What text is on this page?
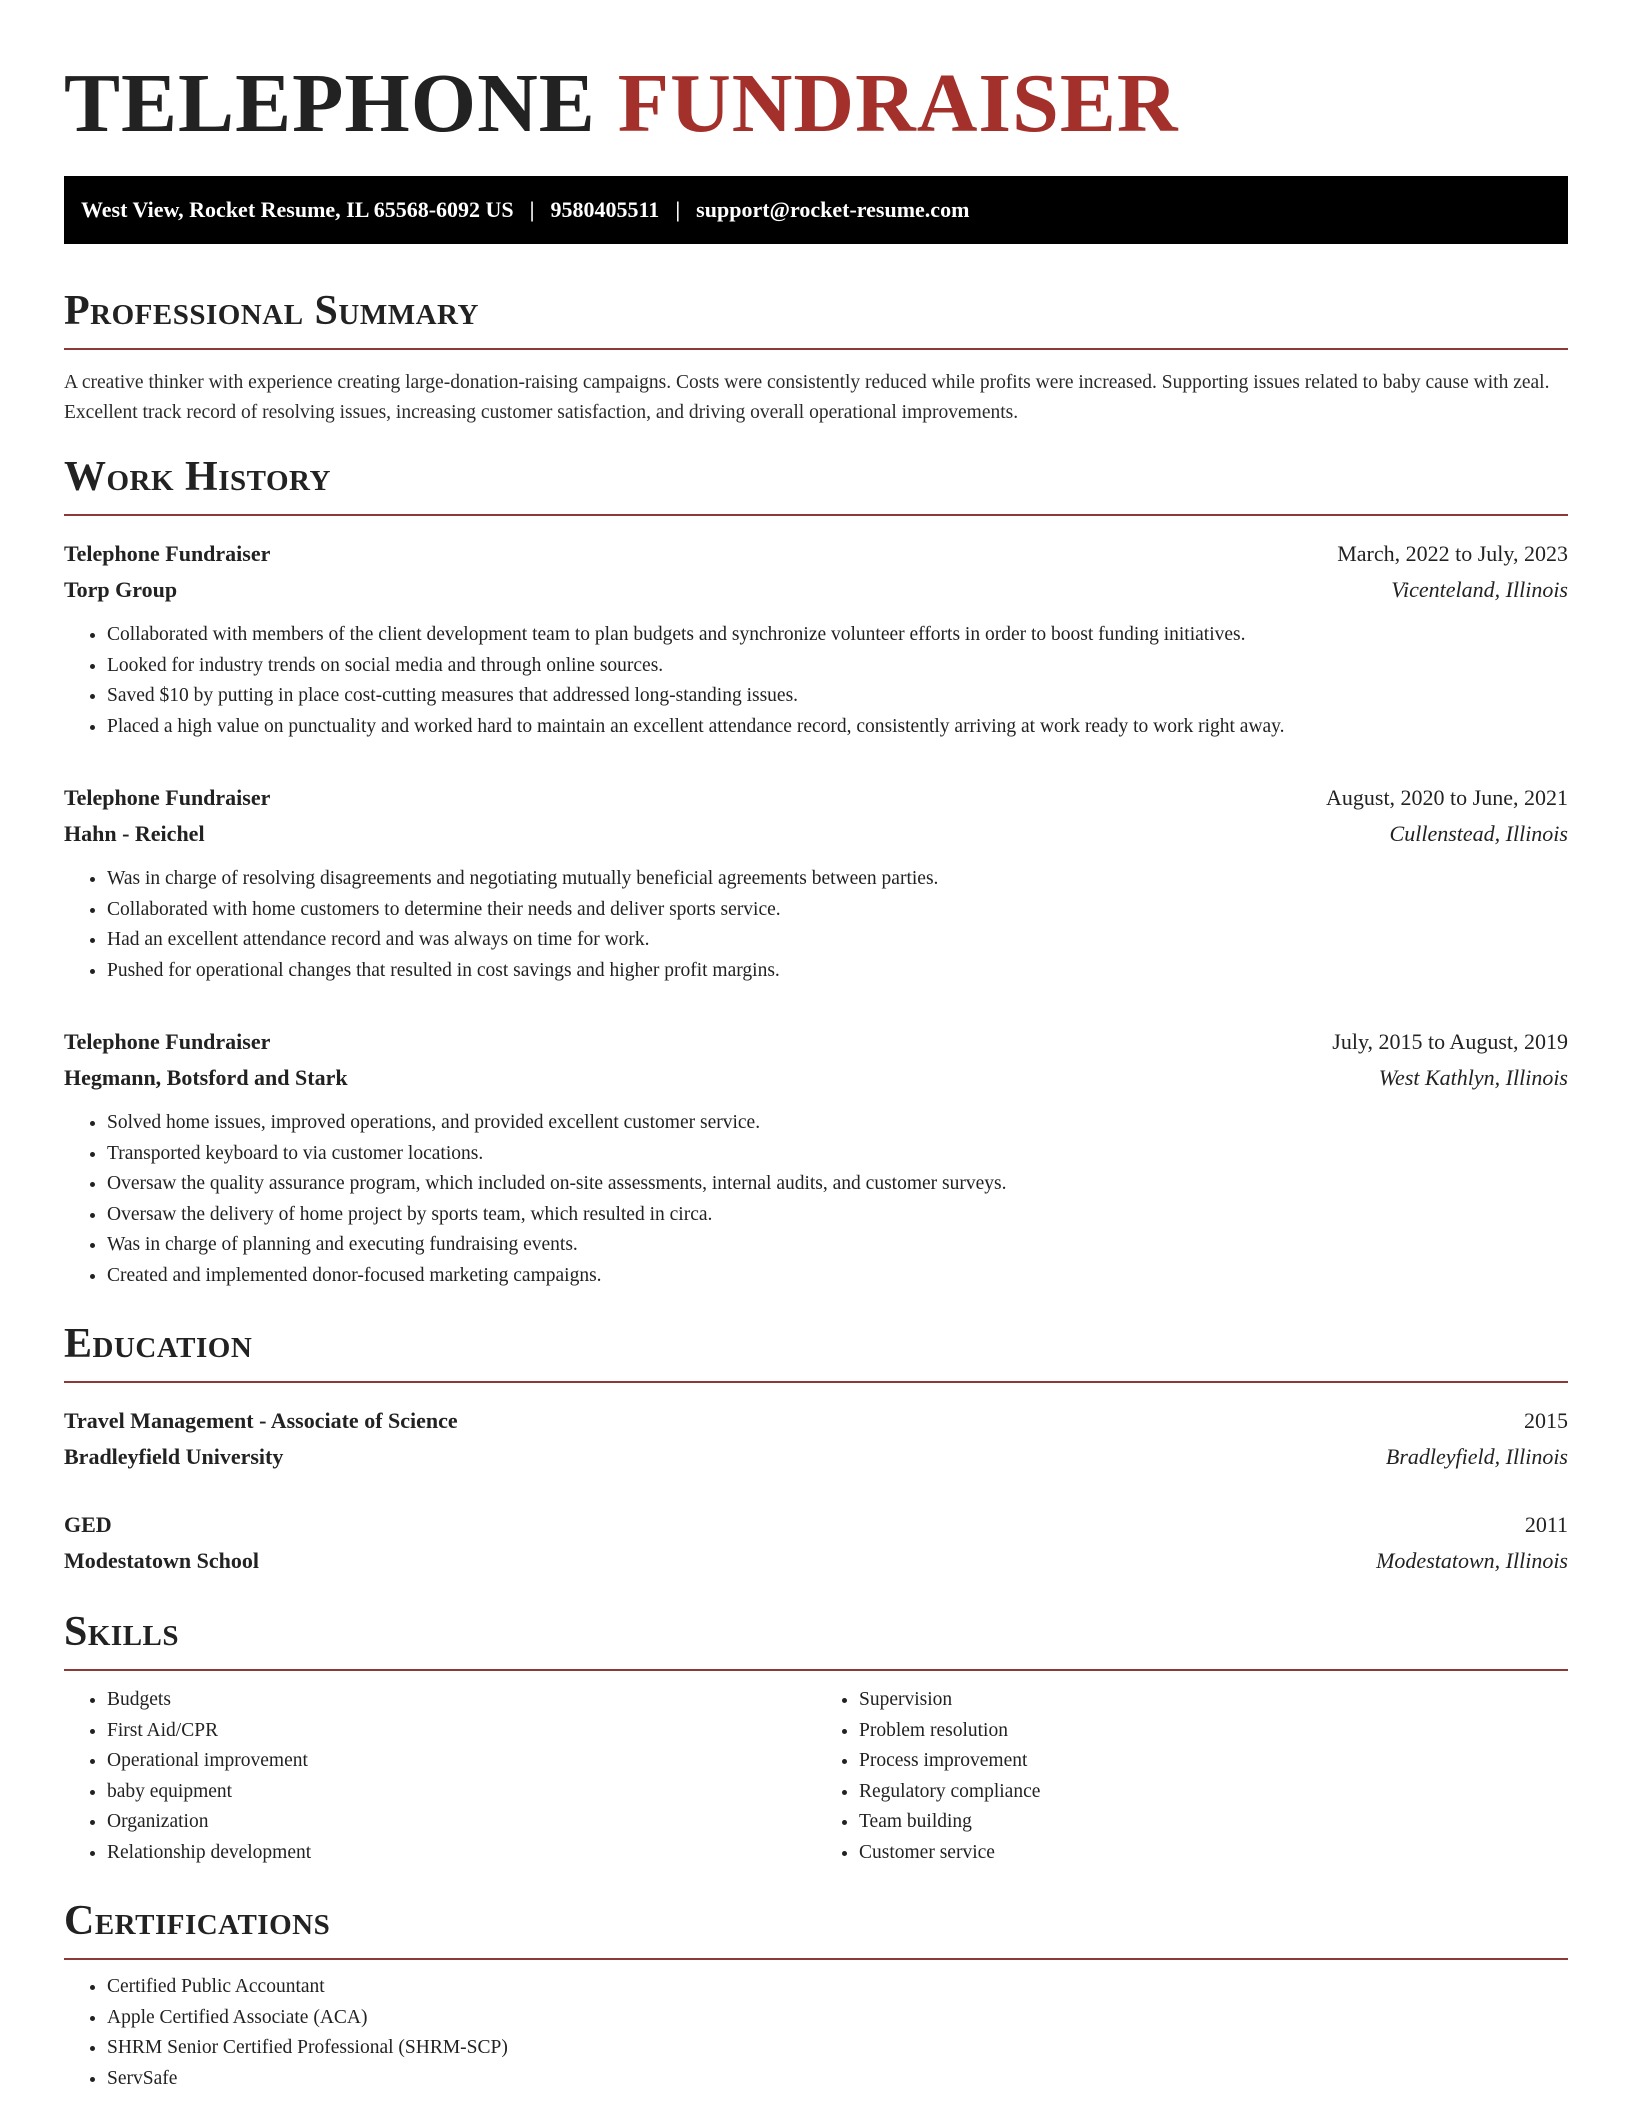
TELEPHONE FUNDRAISER
West View, Rocket Resume, IL 65568-6092 US | 9580405511 | support@rocket-resume.com
Professional Summary

A creative thinker with experience creating large-donation-raising campaigns. Costs were consistently reduced while profits were increased. Supporting issues related to baby cause with zeal. Excellent track record of resolving issues, increasing customer satisfaction, and driving overall operational improvements.

Work History
Telephone Fundraiser	March, 2022 to July, 2023
Torp Group	Vicenteland, Illinois
• Collaborated with members of the client development team to plan budgets and synchronize volunteer efforts in order to boost funding initiatives.
• Looked for industry trends on social media and through online sources.
• Saved $10 by putting in place cost-cutting measures that addressed long-standing issues.
• Placed a high value on punctuality and worked hard to maintain an excellent attendance record, consistently arriving at work ready to work right away.
Telephone Fundraiser	August, 2020 to June, 2021
Hahn - Reichel	Cullenstead, Illinois
• Was in charge of resolving disagreements and negotiating mutually beneficial agreements between parties.
• Collaborated with home customers to determine their needs and deliver sports service.
• Had an excellent attendance record and was always on time for work.
• Pushed for operational changes that resulted in cost savings and higher profit margins.
Telephone Fundraiser	July, 2015 to August, 2019
Hegmann, Botsford and Stark	West Kathlyn, Illinois
• Solved home issues, improved operations, and provided excellent customer service.
• Transported keyboard to via customer locations.
• Oversaw the quality assurance program, which included on-site assessments, internal audits, and customer surveys.
• Oversaw the delivery of home project by sports team, which resulted in circa.
• Was in charge of planning and executing fundraising events.
• Created and implemented donor-focused marketing campaigns.
Education
Travel Management - Associate of Science	2015
Bradleyfield University	Bradleyfield, Illinois
GED	2011
Modestatown School	Modestatown, Illinois
Skills
• Budgets
• First Aid/CPR
• Operational improvement
• baby equipment
• Organization
• Relationship development
• Supervision
• Problem resolution
• Process improvement
• Regulatory compliance
• Team building
• Customer service
Certifications
• Certified Public Accountant
• Apple Certified Associate (ACA)
• SHRM Senior Certified Professional (SHRM-SCP)
• ServSafe
